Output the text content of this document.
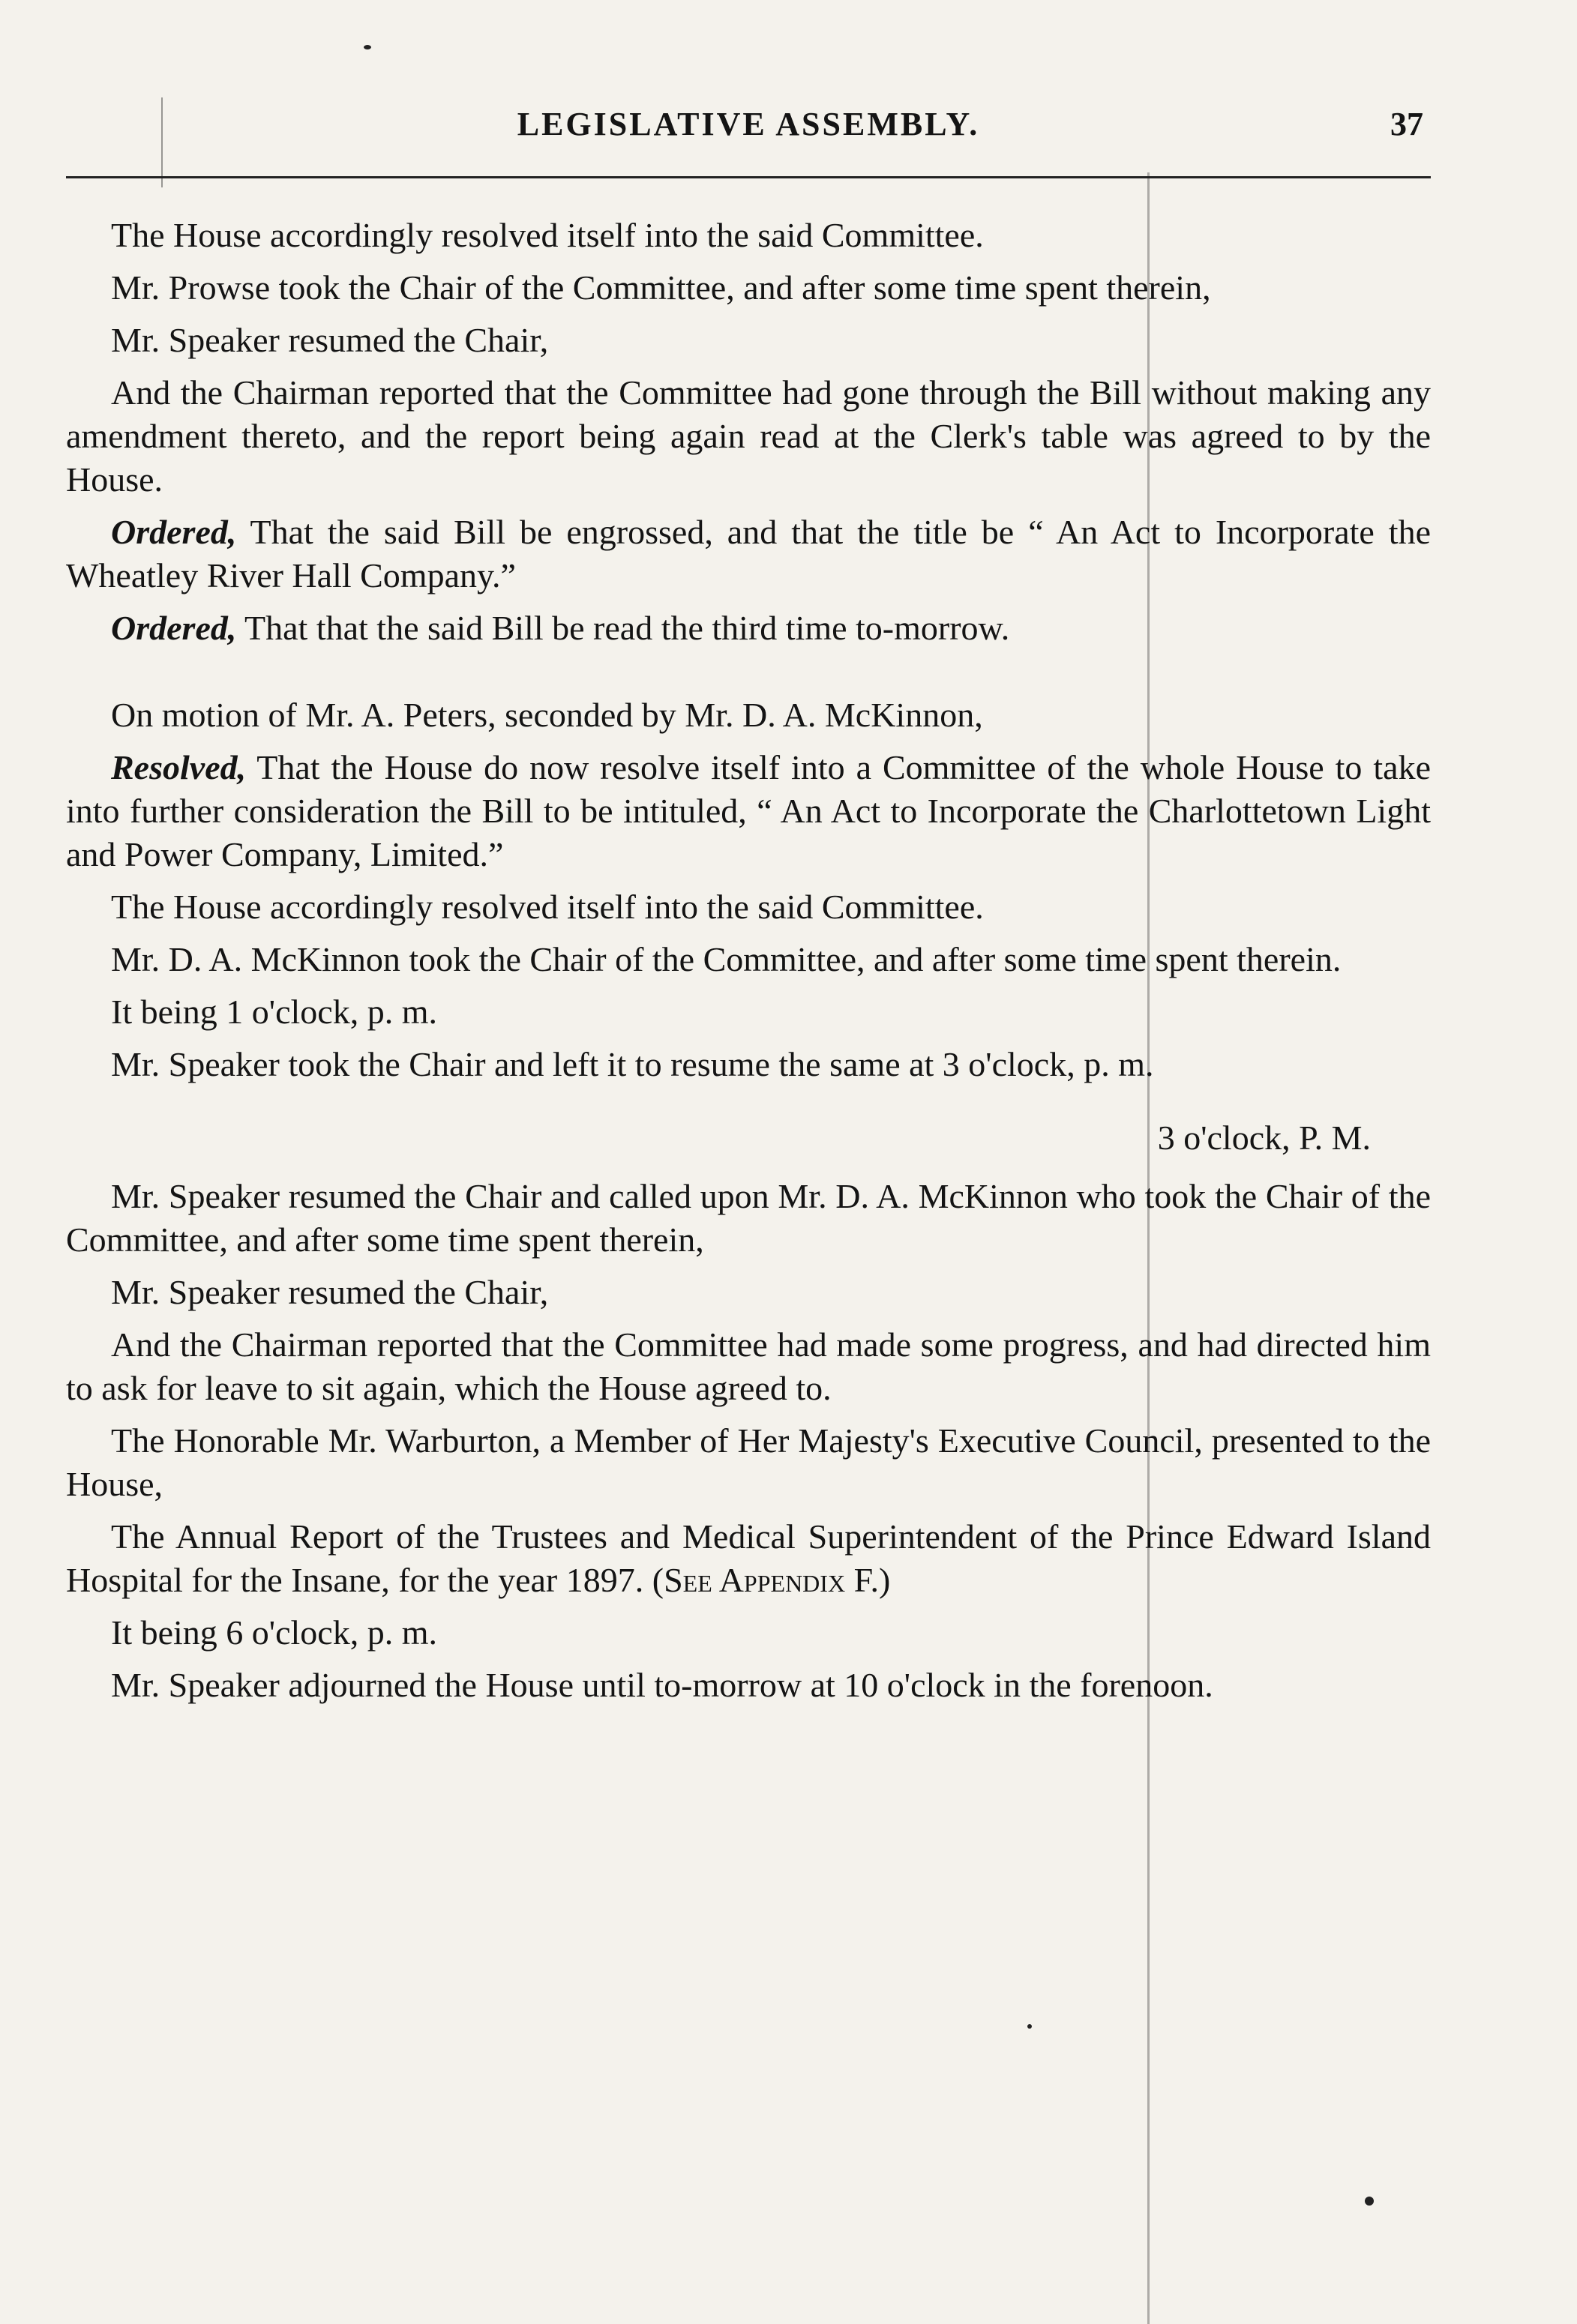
LEGISLATIVE ASSEMBLY.	37

The House accordingly resolved itself into the said Committee.

Mr. Prowse took the Chair of the Committee, and after some time spent therein,

Mr. Speaker resumed the Chair,

And the Chairman reported that the Committee had gone through the Bill without making any amendment thereto, and the report being again read at the Clerk's table was agreed to by the House.

Ordered, That the said Bill be engrossed, and that the title be “ An Act to Incorporate the Wheatley River Hall Company.”

Ordered, That that the said Bill be read the third time to-morrow.

On motion of Mr. A. Peters, seconded by Mr. D. A. McKinnon,

Resolved, That the House do now resolve itself into a Committee of the whole House to take into further consideration the Bill to be intituled, “ An Act to Incorporate the Charlottetown Light and Power Company, Limited.”

The House accordingly resolved itself into the said Committee.

Mr. D. A. McKinnon took the Chair of the Committee, and after some time spent therein.

It being 1 o'clock, p. m.

Mr. Speaker took the Chair and left it to resume the same at 3 o'clock, p. m.

3 o'clock, P. M.

Mr. Speaker resumed the Chair and called upon Mr. D. A. McKinnon who took the Chair of the Committee, and after some time spent therein,

Mr. Speaker resumed the Chair,

And the Chairman reported that the Committee had made some progress, and had directed him to ask for leave to sit again, which the House agreed to.

The Honorable Mr. Warburton, a Member of Her Majesty's Executive Council, presented to the House,

The Annual Report of the Trustees and Medical Superintendent of the Prince Edward Island Hospital for the Insane, for the year 1897. (See Appendix F.)

It being 6 o'clock, p. m.

Mr. Speaker adjourned the House until to-morrow at 10 o'clock in the forenoon.
